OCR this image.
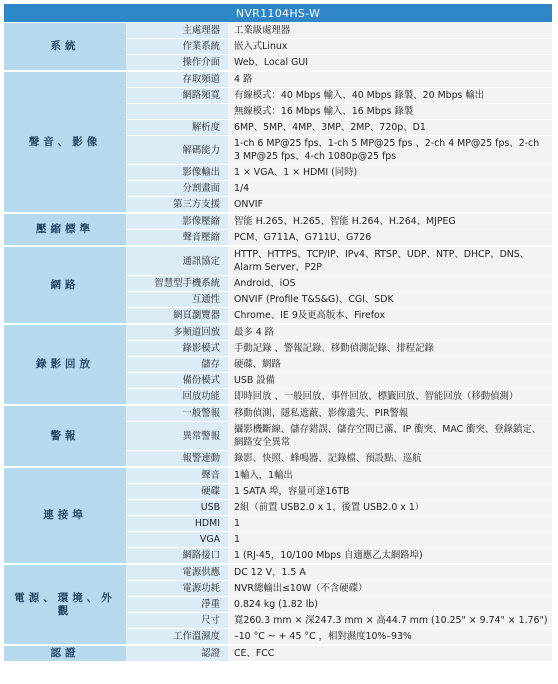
NVR1104HS-W		
系統	主處理器	工業級處理器
	作業系統	嵌入式Linux
	操作介面	Web、Local GUI
聲音、影像	存取頻道	4 路
	網路頻寬	有線模式：40 Mbps 輸入、40 Mbps 錄製、20 Mbps 輸出
		無線模式：16 Mbps 輸入、16 Mbps 錄製
	解析度	6MP、5MP、4MP、3MP、2MP、720p、D1
	解碼能力	1-ch 6 MP@25 fps、1-ch 5 MP@25 fps 、2-ch 4 MP@25 fps、2-ch 3 MP@25 fps、4-ch 1080p@25 fps
	影像輸出	1 × VGA、1 × HDMI (同時)
	分割畫面	1/4
	第三方支援	ONVIF
壓縮標準	影像壓縮	智能 H.265、H.265、智能 H.264、H.264、MJPEG
	聲音壓縮	PCM、G711A、G711U、G726
網路	通訊協定	HTTP、HTTPS、TCP/IP、IPv4、RTSP、UDP、NTP、DHCP、DNS、Alarm Server、P2P
	智慧型手機系統	Android、iOS
	互通性	ONVIF (Profile T&S&G)、CGI、SDK
	網頁瀏覽器	Chrome、IE 9及更高版本、Firefox
錄影回放	多頻道回放	最多 4 路
	錄影模式	手動記錄 、警報記錄、移動偵測記錄、排程記錄
	儲存	硬碟、網路
	備份模式	USB 設備
	回放功能	即時回放 、一般回放、事件回放、標籤回放、智能回放（移動偵測）
警報	一般警報	移動偵測、隱私遮蔽、影像遺失、PIR警報
	異常警報	攝影機斷線、儲存錯誤、儲存空間已滿、IP 衝突、MAC 衝突、登錄鎖定、網路安全異常
	報警連動	錄影、快照、蜂鳴器、記錄檔、預設點、巡航
連接埠	聲音	1輸入，1輸出
	硬碟	1 SATA 埠，容量可達16TB
	USB	2組（前置 USB2.0 x 1、後置 USB2.0 x 1）
	HDMI	1
	VGA	1
	網路接口	1 (RJ-45，10/100 Mbps 自適應乙太網路埠)
電源、環境、外觀	電源供應	DC 12 V，1.5 A
	電源功耗	NVR總輸出≤10W（不含硬碟）
	淨重	0.824 kg (1.82 lb)
	尺寸	寬260.3 mm × 深247.3 mm × 高44.7 mm (10.25" × 9.74" × 1.76")
	工作溫濕度	–10 °C ~ + 45 °C ，相對濕度10%–93%
認證	認證	CE、FCC
